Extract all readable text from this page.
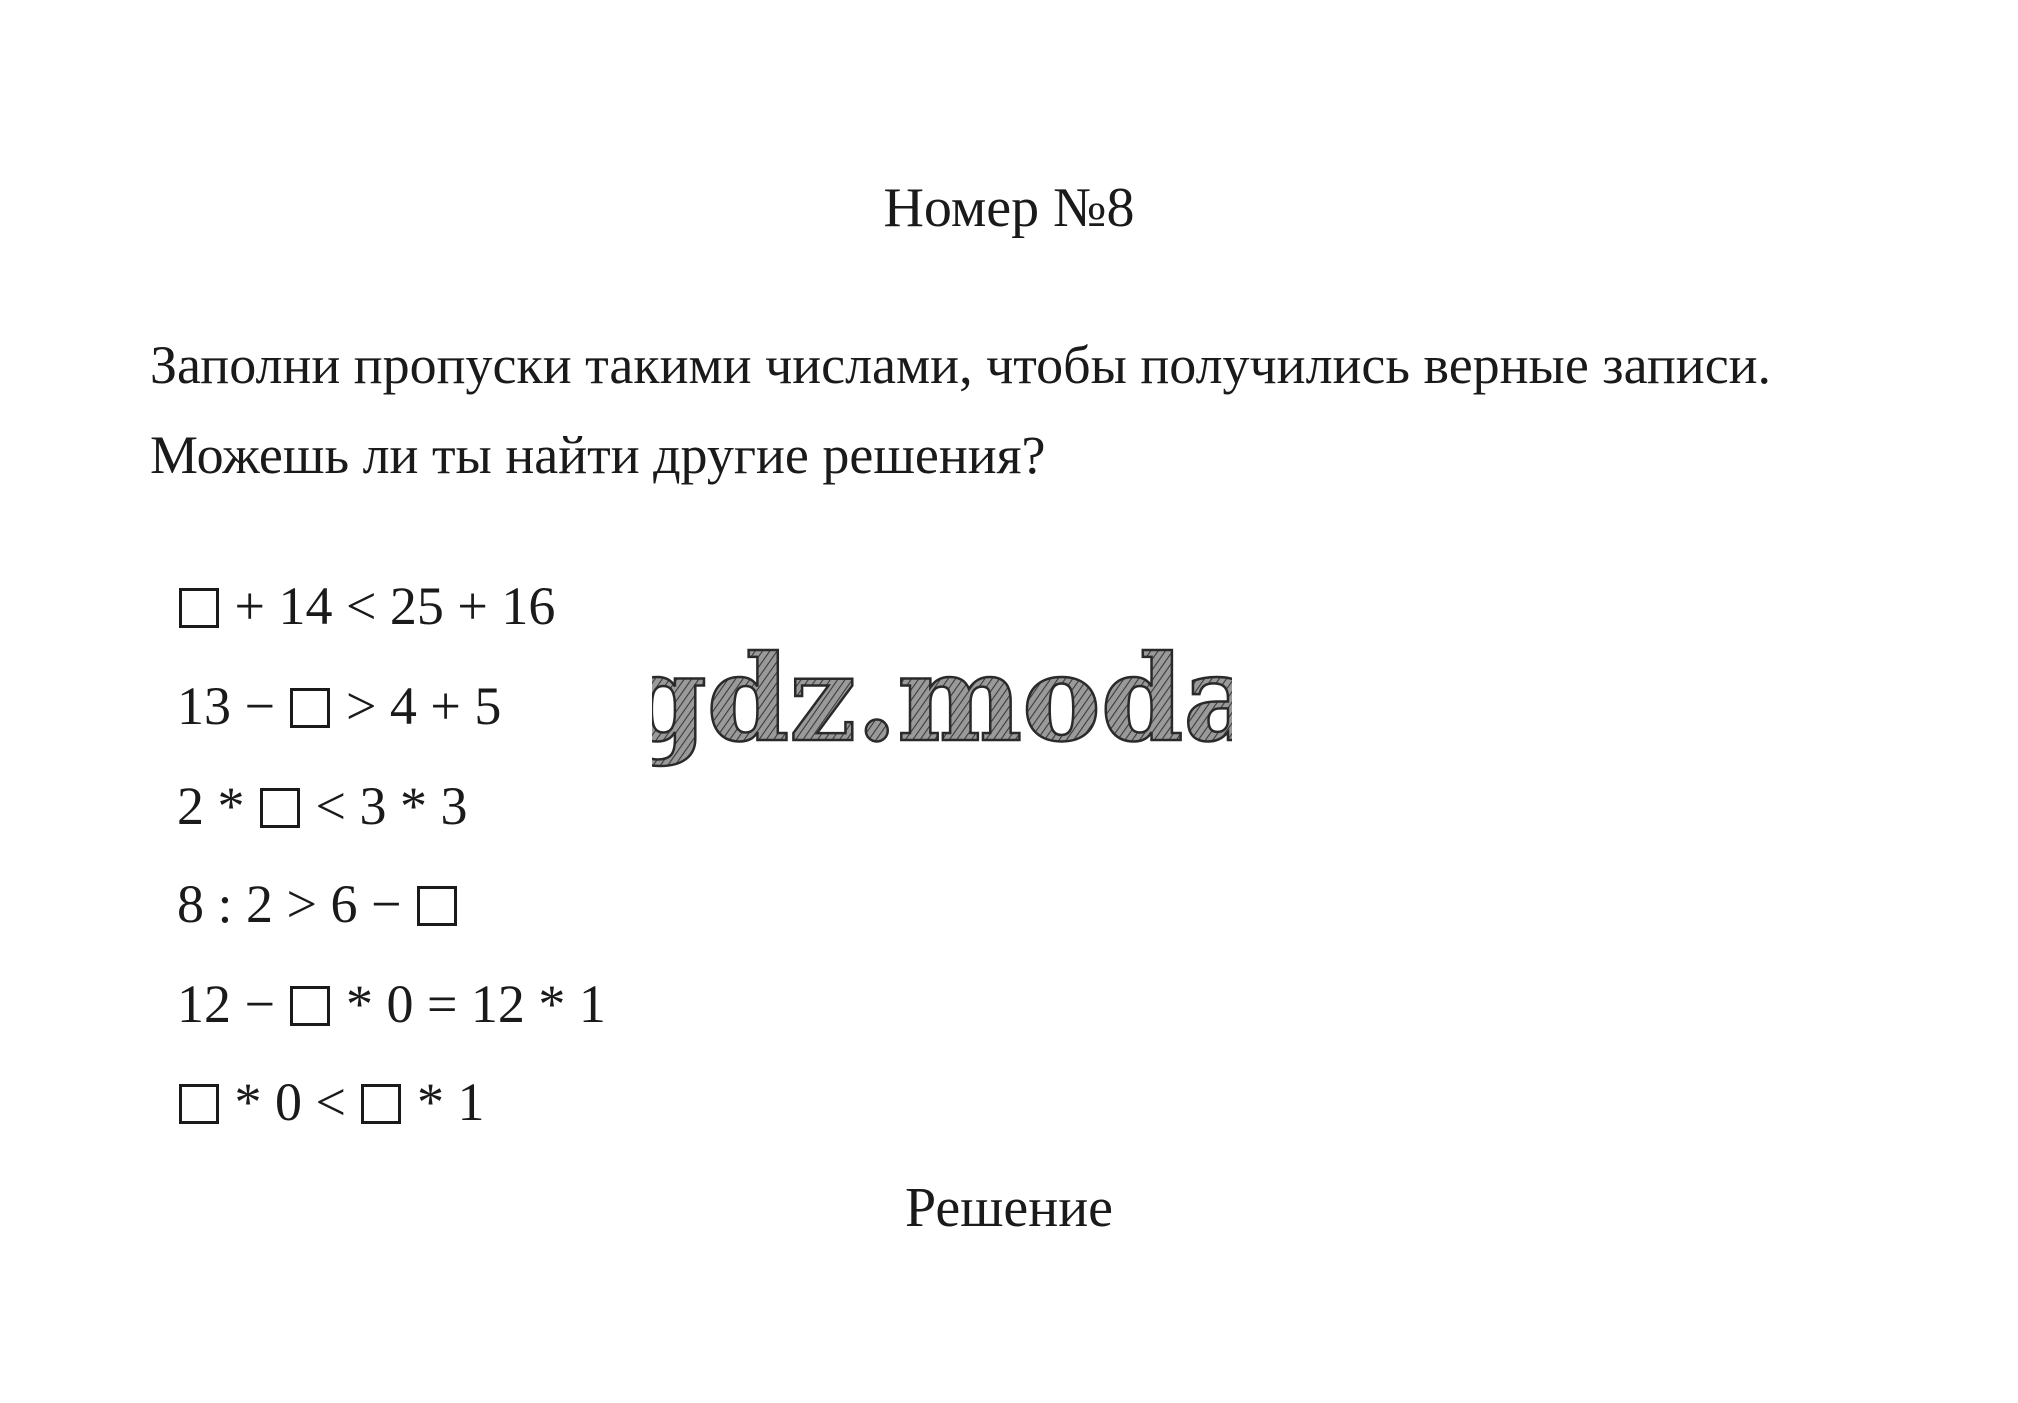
Номер №8

Заполни пропуски такими числами, чтобы получились верные записи. Можешь ли ты найти другие решения?

+ 14 < 25 + 16

13 −  > 4 + 5

2 *  < 3 * 3

8 : 2 > 6 −

12 −  * 0 = 12 * 1

* 0 <  * 1

gdz.moda
Решение
